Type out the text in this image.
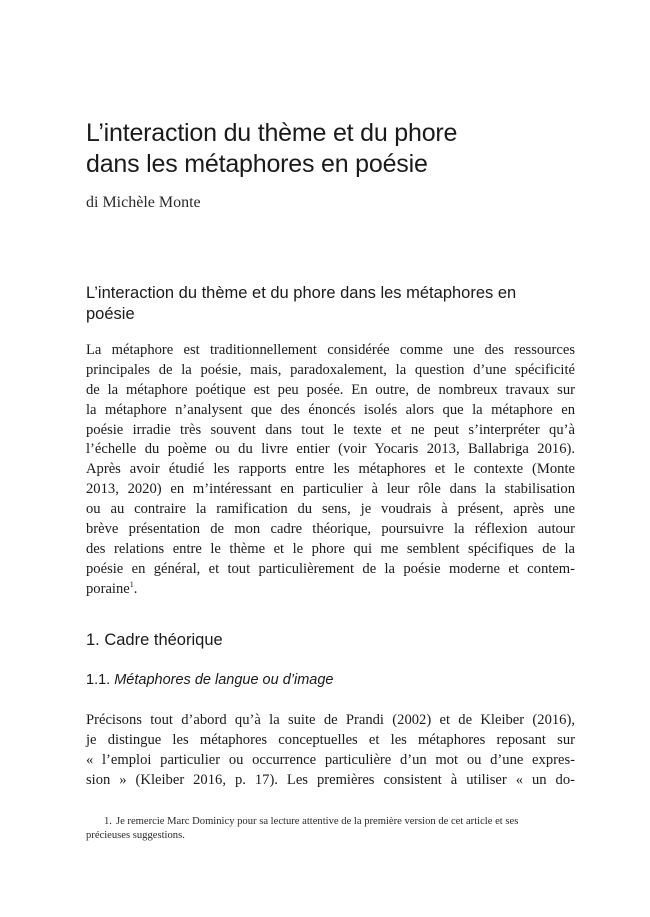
L’interaction du thème et du phore
dans les métaphores en poésie
di Michèle Monte
L’interaction du thème et du phore dans les métaphores en
poésie
La métaphore est traditionnellement considérée comme une des ressources
principales de la poésie, mais, paradoxalement, la question d’une spécificité
de la métaphore poétique est peu posée. En outre, de nombreux travaux sur
la métaphore n’analysent que des énoncés isolés alors que la métaphore en
poésie irradie très souvent dans tout le texte et ne peut s’interpréter qu’à
l’échelle du poème ou du livre entier (voir Yocaris 2013, Ballabriga 2016).
Après avoir étudié les rapports entre les métaphores et le contexte (Monte
2013, 2020) en m’intéressant en particulier à leur rôle dans la stabilisation
ou au contraire la ramification du sens, je voudrais à présent, après une
brève présentation de mon cadre théorique, poursuivre la réflexion autour
des relations entre le thème et le phore qui me semblent spécifiques de la
poésie en général, et tout particulièrement de la poésie moderne et contem-
poraine$^1$.
1. Cadre théorique
1.1. Métaphores de langue ou d’image
Précisons tout d’abord qu’à la suite de Prandi (2002) et de Kleiber (2016),
je distingue les métaphores conceptuelles et les métaphores reposant sur
« l’emploi particulier ou occurrence particulière d’un mot ou d’une expres-
sion » (Kleiber 2016, p. 17). Les premières consistent à utiliser « un do-
1. Je remercie Marc Dominicy pour sa lecture attentive de la première version de cet article et ses
précieuses suggestions.
